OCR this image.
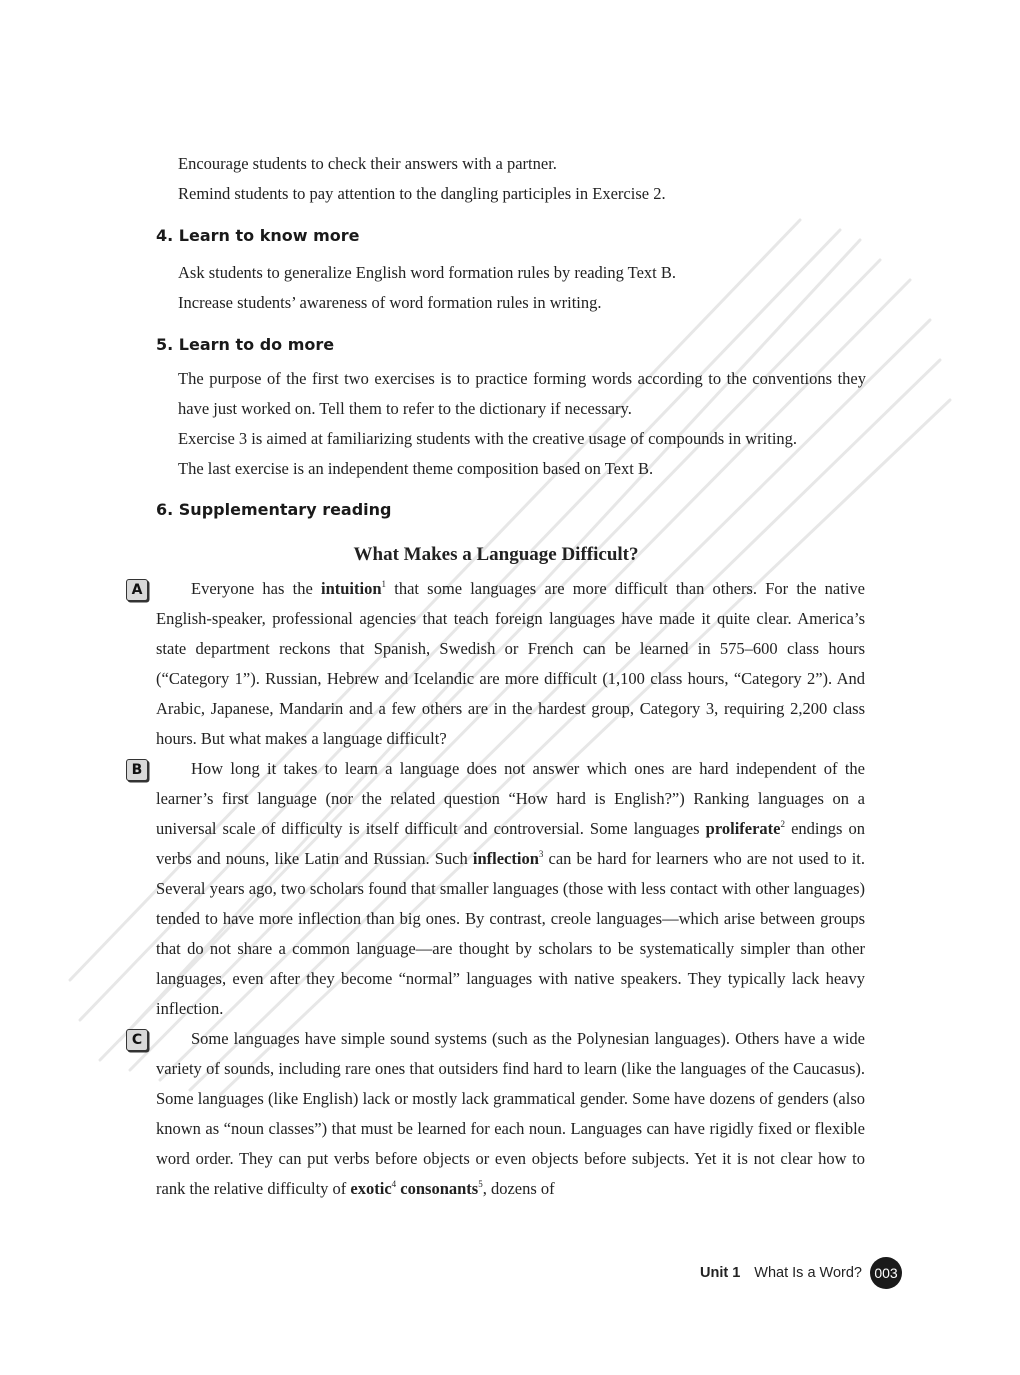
Encourage students to check their answers with a partner.
Remind students to pay attention to the dangling participles in Exercise 2.
4. Learn to know more
Ask students to generalize English word formation rules by reading Text B.
Increase students’ awareness of word formation rules in writing.
5. Learn to do more
The purpose of the first two exercises is to practice forming words according to the conventions they have just worked on. Tell them to refer to the dictionary if necessary.
Exercise 3 is aimed at familiarizing students with the creative usage of compounds in writing.
The last exercise is an independent theme composition based on Text B.
6. Supplementary reading
What Makes a Language Difficult?
A	Everyone has the intuition$^1$ that some languages are more difficult than others. For the native English-speaker, professional agencies that teach foreign languages have made it quite clear. America’s state department reckons that Spanish, Swedish or French can be learned in 575–600 class hours (“Category 1”). Russian, Hebrew and Icelandic are more difficult (1,100 class hours, “Category 2”). And Arabic, Japanese, Mandarin and a few others are in the hardest group, Category 3, requiring 2,200 class hours. But what makes a language difficult?
B	How long it takes to learn a language does not answer which ones are hard independent of the learner’s first language (nor the related question “How hard is English?”) Ranking languages on a universal scale of difficulty is itself difficult and controversial. Some languages proliferate$^2$ endings on verbs and nouns, like Latin and Russian. Such inflection$^3$ can be hard for learners who are not used to it. Several years ago, two scholars found that smaller languages (those with less contact with other languages) tended to have more inflection than big ones. By contrast, creole languages—which arise between groups that do not share a common language—are thought by scholars to be systematically simpler than other languages, even after they become “normal” languages with native speakers. They typically lack heavy inflection.
C	Some languages have simple sound systems (such as the Polynesian languages). Others have a wide variety of sounds, including rare ones that outsiders find hard to learn (like the languages of the Caucasus). Some languages (like English) lack or mostly lack grammatical gender. Some have dozens of genders (also known as “noun classes”) that must be learned for each noun. Languages can have rigidly fixed or flexible word order. They can put verbs before objects or even objects before subjects. Yet it is not clear how to rank the relative difficulty of exotic$^4$ consonants$^5$, dozens of
Unit 1 What Is a Word? 003
